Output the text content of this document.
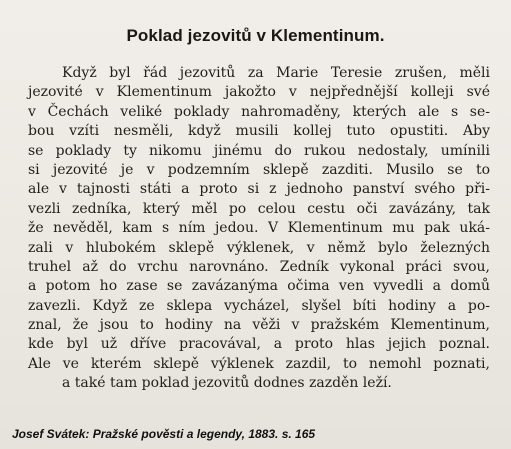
Poklad jezovitů v Klementinum.
Když byl řád jezovitů za Marie Teresie zrušen, měli
jezovité v Klementinum jakožto v nejpřednější kolleji své
v Čechách veliké poklady nahromaděny, kterých ale s se-
bou vzíti nesměli, když musili kollej tuto opustiti. Aby
se poklady ty nikomu jinému do rukou nedostaly, umínili
si jezovité je v podzemním sklepě zazditi. Musilo se to
ale v tajnosti státi a proto si z jednoho panství svého při-
vezli zedníka, který měl po celou cestu oči zavázány, tak
že nevěděl, kam s ním jedou. V Klementinum mu pak uká-
zali v hlubokém sklepě výklenek, v němž bylo železných
truhel až do vrchu narovnáno. Zedník vykonal práci svou,
a potom ho zase se zavázanýma očima ven vyvedli a domů
zavezli. Když ze sklepa vycházel, slyšel bíti hodiny a po-
znal, že jsou to hodiny na věži v pražském Klementinum,
kde byl už dříve pracovával, a proto hlas jejich poznal.
Ale ve kterém sklepě výklenek zazdil, to nemohl poznati,
a také tam poklad jezovitů dodnes zazděn leží.
Josef Svátek: Pražské pověsti a legendy, 1883. s. 165
